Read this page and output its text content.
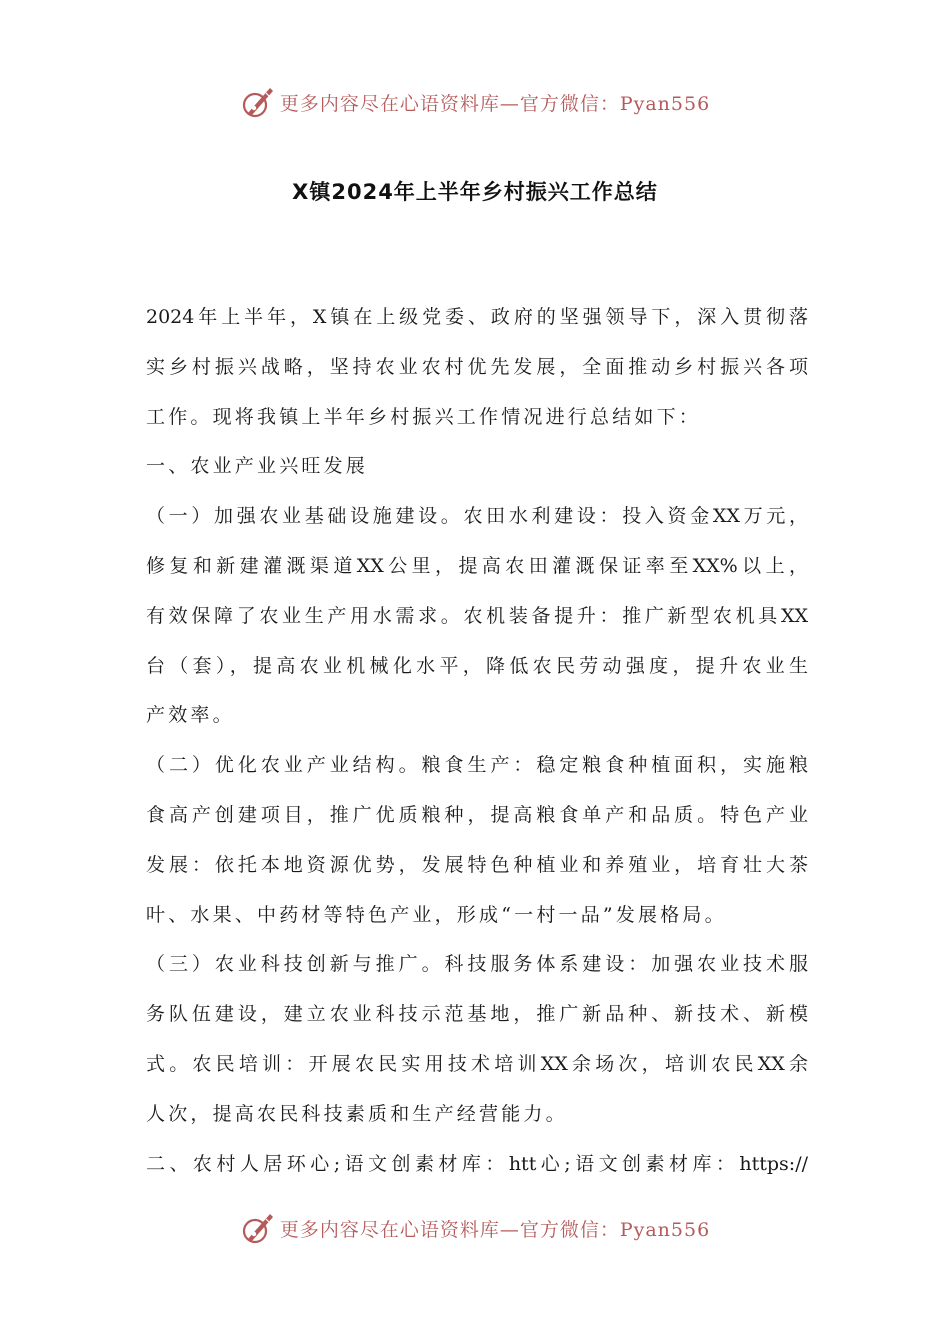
更多内容尽在心语资料库—官方微信：Pyan556
X镇2024年上半年乡村振兴工作总结
2024年上半年，X镇在上级党委、政府的坚强领导下，深入贯彻落
实乡村振兴战略，坚持农业农村优先发展，全面推动乡村振兴各项
工作。现将我镇上半年乡村振兴工作情况进行总结如下：
一、农业产业兴旺发展
（一）加强农业基础设施建设。农田水利建设：投入资金XX万元，
修复和新建灌溉渠道XX公里，提高农田灌溉保证率至XX%以上，
有效保障了农业生产用水需求。农机装备提升：推广新型农机具XX
台（套），提高农业机械化水平，降低农民劳动强度，提升农业生
产效率。
（二）优化农业产业结构。粮食生产：稳定粮食种植面积，实施粮
食高产创建项目，推广优质粮种，提高粮食单产和品质。特色产业
发展：依托本地资源优势，发展特色种植业和养殖业，培育壮大茶
叶、水果、中药材等特色产业，形成“一村一品”发展格局。
（三）农业科技创新与推广。科技服务体系建设：加强农业技术服
务队伍建设，建立农业科技示范基地，推广新品种、新技术、新模
式。农民培训：开展农民实用技术培训XX余场次，培训农民XX余
人次，提高农民科技素质和生产经营能力。
二、农村人居环心;语文创素材库：htt心;语文创素材库：https://
更多内容尽在心语资料库—官方微信：Pyan556
